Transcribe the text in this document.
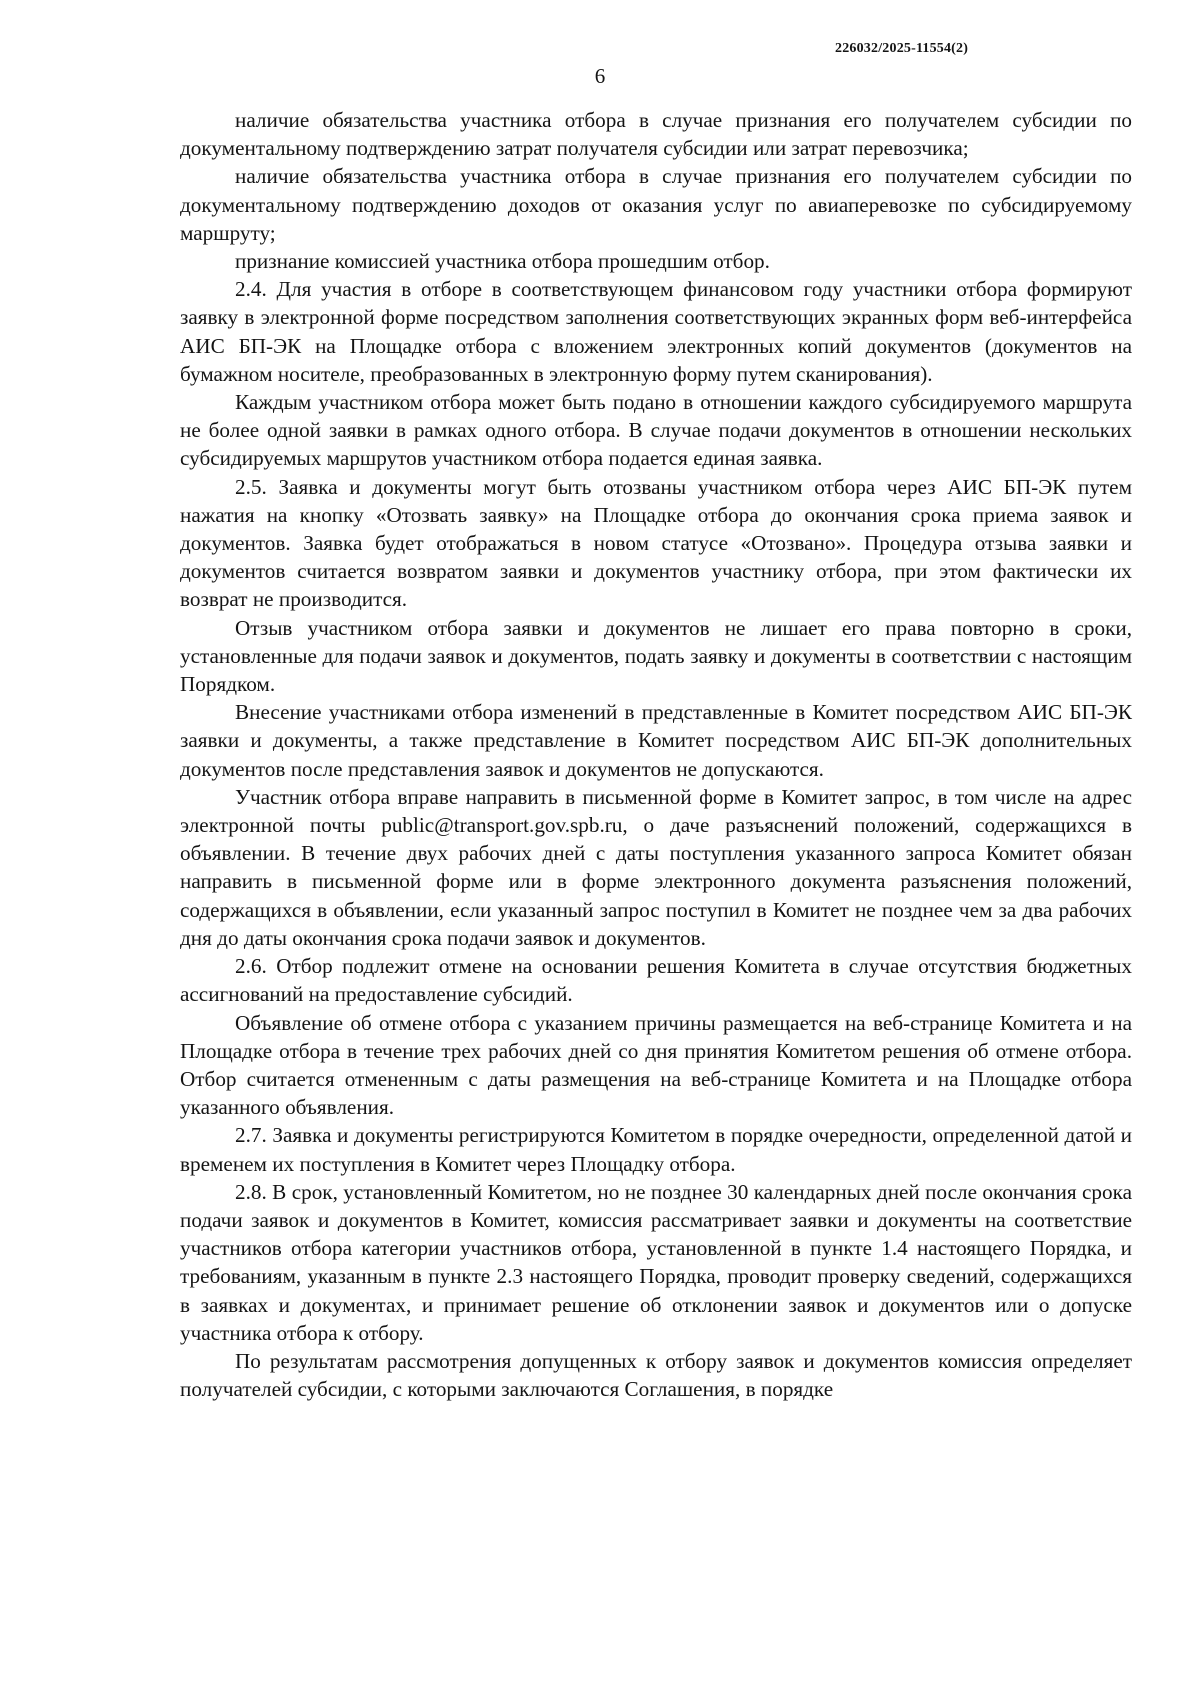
226032/2025-11554(2)
6

наличие обязательства участника отбора в случае признания его получателем субсидии по документальному подтверждению затрат получателя субсидии или затрат перевозчика;

наличие обязательства участника отбора в случае признания его получателем субсидии по документальному подтверждению доходов от оказания услуг по авиаперевозке по субсидируемому маршруту;

признание комиссией участника отбора прошедшим отбор.

2.4. Для участия в отборе в соответствующем финансовом году участники отбора формируют заявку в электронной форме посредством заполнения соответствующих экранных форм веб-интерфейса АИС БП-ЭК на Площадке отбора с вложением электронных копий документов (документов на бумажном носителе, преобразованных в электронную форму путем сканирования).

Каждым участником отбора может быть подано в отношении каждого субсидируемого маршрута не более одной заявки в рамках одного отбора. В случае подачи документов в отношении нескольких субсидируемых маршрутов участником отбора подается единая заявка.

2.5. Заявка и документы могут быть отозваны участником отбора через АИС БП-ЭК путем нажатия на кнопку «Отозвать заявку» на Площадке отбора до окончания срока приема заявок и документов. Заявка будет отображаться в новом статусе «Отозвано». Процедура отзыва заявки и документов считается возвратом заявки и документов участнику отбора, при этом фактически их возврат не производится.

Отзыв участником отбора заявки и документов не лишает его права повторно в сроки, установленные для подачи заявок и документов, подать заявку и документы в соответствии с настоящим Порядком.

Внесение участниками отбора изменений в представленные в Комитет посредством АИС БП-ЭК заявки и документы, а также представление в Комитет посредством АИС БП-ЭК дополнительных документов после представления заявок и документов не допускаются.

Участник отбора вправе направить в письменной форме в Комитет запрос, в том числе на адрес электронной почты public@transport.gov.spb.ru, о даче разъяснений положений, содержащихся в объявлении. В течение двух рабочих дней с даты поступления указанного запроса Комитет обязан направить в письменной форме или в форме электронного документа разъяснения положений, содержащихся в объявлении, если указанный запрос поступил в Комитет не позднее чем за два рабочих дня до даты окончания срока подачи заявок и документов.

2.6. Отбор подлежит отмене на основании решения Комитета в случае отсутствия бюджетных ассигнований на предоставление субсидий.

Объявление об отмене отбора с указанием причины размещается на веб-странице Комитета и на Площадке отбора в течение трех рабочих дней со дня принятия Комитетом решения об отмене отбора. Отбор считается отмененным с даты размещения на веб-странице Комитета и на Площадке отбора указанного объявления.

2.7. Заявка и документы регистрируются Комитетом в порядке очередности, определенной датой и временем их поступления в Комитет через Площадку отбора.

2.8. В срок, установленный Комитетом, но не позднее 30 календарных дней после окончания срока подачи заявок и документов в Комитет, комиссия рассматривает заявки и документы на соответствие участников отбора категории участников отбора, установленной в пункте 1.4 настоящего Порядка, и требованиям, указанным в пункте 2.3 настоящего Порядка, проводит проверку сведений, содержащихся в заявках и документах, и принимает решение об отклонении заявок и документов или о допуске участника отбора к отбору.

По результатам рассмотрения допущенных к отбору заявок и документов комиссия определяет получателей субсидии, с которыми заключаются Соглашения, в порядке
